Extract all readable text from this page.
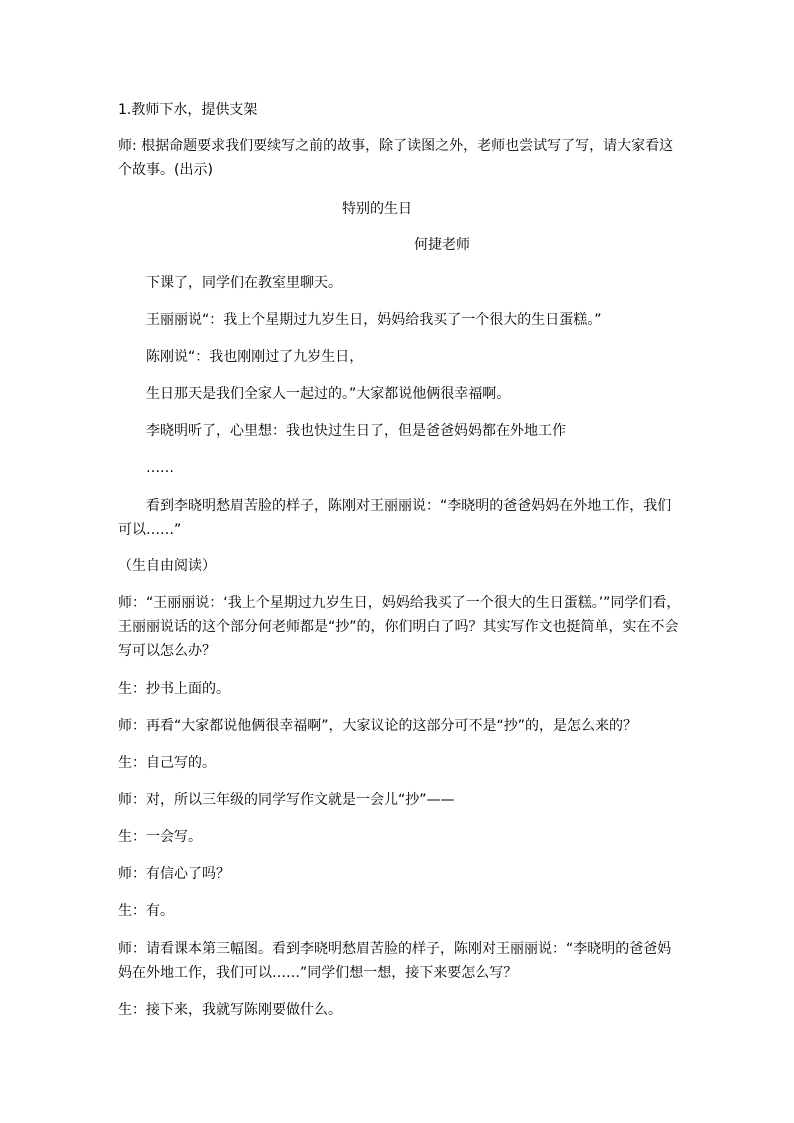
1.教师下水，提供支架
师: 根据命题要求我们要续写之前的故事，除了读图之外，老师也尝试写了写，请大家看这
个故事。(出示)
特别的生日
何捷老师
下课了，同学们在教室里聊天。
王丽丽说“：我上个星期过九岁生日，妈妈给我买了一个很大的生日蛋糕。”
陈刚说“：我也刚刚过了九岁生日，
生日那天是我们全家人一起过的。”大家都说他俩很幸福啊。
李晓明听了，心里想：我也快过生日了，但是爸爸妈妈都在外地工作
……
看到李晓明愁眉苦脸的样子，陈刚对王丽丽说：“李晓明的爸爸妈妈在外地工作，我们
可以……”
（生自由阅读）
师：“王丽丽说：‘我上个星期过九岁生日，妈妈给我买了一个很大的生日蛋糕。’”同学们看，
王丽丽说话的这个部分何老师都是“抄”的，你们明白了吗？其实写作文也挺简单，实在不会
写可以怎么办？
生：抄书上面的。
师：再看“大家都说他俩很幸福啊”，大家议论的这部分可不是“抄”的，是怎么来的？
生：自己写的。
师：对，所以三年级的同学写作文就是一会儿“抄”——
生：一会写。
师：有信心了吗？
生：有。
师：请看课本第三幅图。看到李晓明愁眉苦脸的样子，陈刚对王丽丽说：“李晓明的爸爸妈
妈在外地工作，我们可以……”同学们想一想，接下来要怎么写？
生：接下来，我就写陈刚要做什么。
